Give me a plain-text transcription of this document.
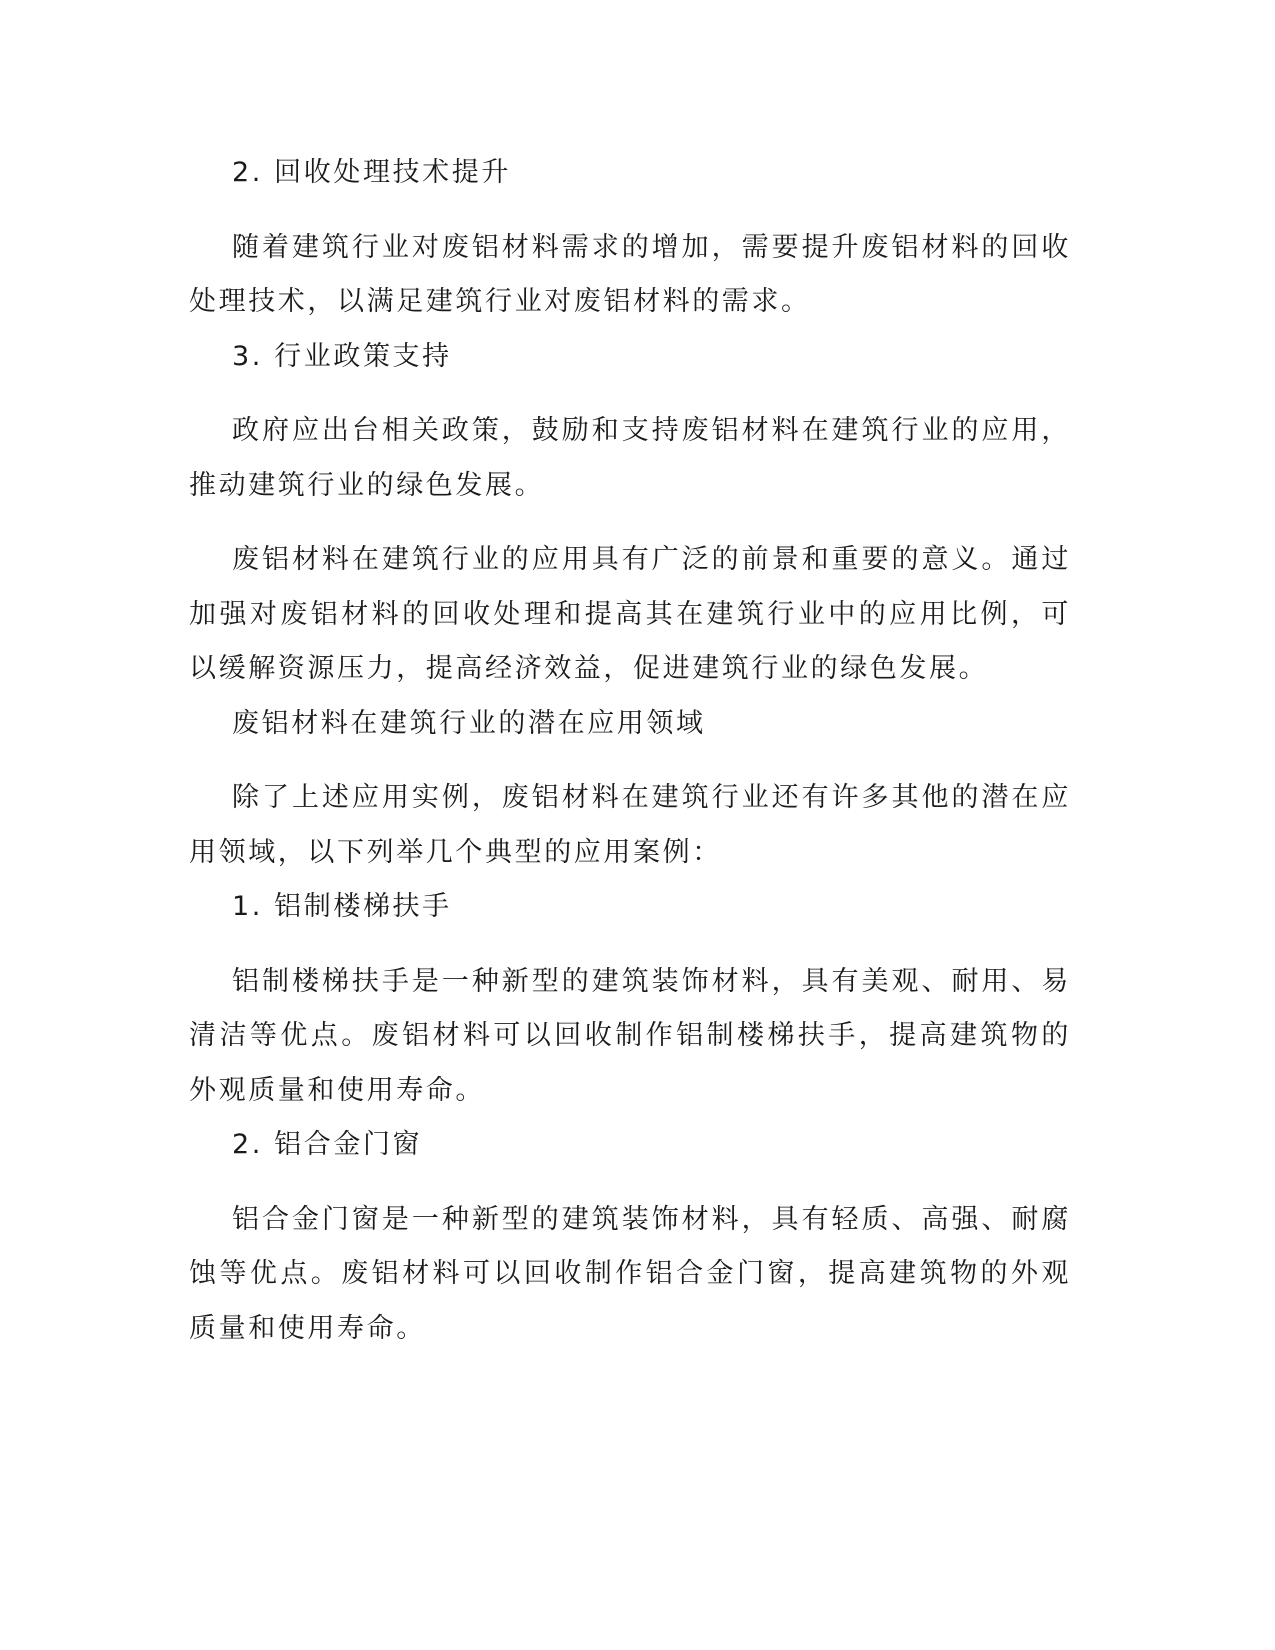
2. 回收处理技术提升

随着建筑行业对废铝材料需求的增加，需要提升废铝材料的回收处理技术，以满足建筑行业对废铝材料的需求。

3. 行业政策支持

政府应出台相关政策，鼓励和支持废铝材料在建筑行业的应用，推动建筑行业的绿色发展。

废铝材料在建筑行业的应用具有广泛的前景和重要的意义。通过加强对废铝材料的回收处理和提高其在建筑行业中的应用比例，可以缓解资源压力，提高经济效益，促进建筑行业的绿色发展。

废铝材料在建筑行业的潜在应用领域

除了上述应用实例，废铝材料在建筑行业还有许多其他的潜在应用领域，以下列举几个典型的应用案例：

1. 铝制楼梯扶手

铝制楼梯扶手是一种新型的建筑装饰材料，具有美观、耐用、易清洁等优点。废铝材料可以回收制作铝制楼梯扶手，提高建筑物的外观质量和使用寿命。

2. 铝合金门窗

铝合金门窗是一种新型的建筑装饰材料，具有轻质、高强、耐腐蚀等优点。废铝材料可以回收制作铝合金门窗，提高建筑物的外观质量和使用寿命。
